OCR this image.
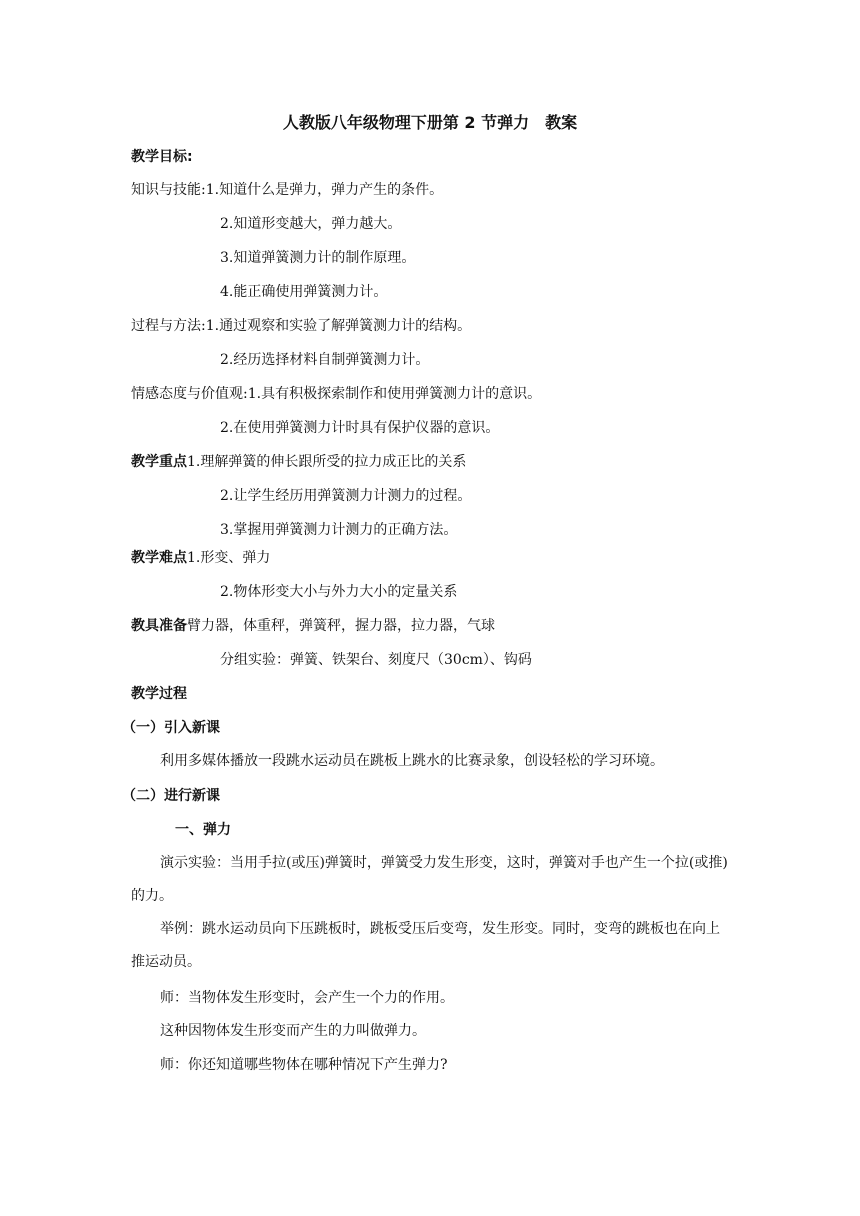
人教版八年级物理下册第 2 节弹力　教案
教学目标:
知识与技能:1.知道什么是弹力，弹力产生的条件。
2.知道形变越大，弹力越大。
3.知道弹簧测力计的制作原理。
4.能正确使用弹簧测力计。
过程与方法:1.通过观察和实验了解弹簧测力计的结构。
2.经历选择材料自制弹簧测力计。
情感态度与价值观:1.具有积极探索制作和使用弹簧测力计的意识。
2.在使用弹簧测力计时具有保护仪器的意识。
教学重点1.理解弹簧的伸长跟所受的拉力成正比的关系
2.让学生经历用弹簧测力计测力的过程。
3.掌握用弹簧测力计测力的正确方法。
教学难点1.形变、弹力
2.物体形变大小与外力大小的定量关系
教具准备臂力器，体重秤，弹簧秤，握力器，拉力器，气球
分组实验：弹簧、铁架台、刻度尺（30cm）、钩码
教学过程
（一）引入新课
利用多媒体播放一段跳水运动员在跳板上跳水的比赛录象，创设轻松的学习环境。
（二）进行新课
一、弹力
演示实验：当用手拉(或压)弹簧时，弹簧受力发生形变，这时，弹簧对手也产生一个拉(或推)的力。
举例：跳水运动员向下压跳板时，跳板受压后变弯，发生形变。同时，变弯的跳板也在向上推运动员。
师：当物体发生形变时，会产生一个力的作用。
这种因物体发生形变而产生的力叫做弹力。
师：你还知道哪些物体在哪种情况下产生弹力?
